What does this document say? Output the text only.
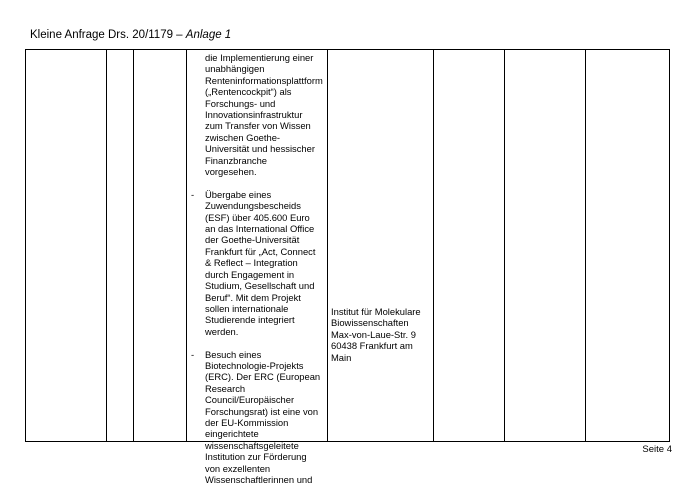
Kleine Anfrage Drs. 20/1179 – Anlage 1
die Implementierung einer unabhängigen Renteninformationsplattform („Rentencockpit“) als Forschungs- und Innovationsinfrastruktur zum Transfer von Wissen zwischen Goethe-Universität und hessischer Finanzbranche vorgesehen.
- Übergabe eines Zuwendungsbescheids (ESF) über 405.600 Euro an das International Office der Goethe-Universität Frankfurt für „Act, Connect & Reflect – Integration durch Engagement in Studium, Gesellschaft und Beruf“. Mit dem Projekt sollen internationale Studierende integriert werden.
- Besuch eines Biotechnologie-Projekts (ERC). Der ERC (European Research Council/Europäischer Forschungsrat) ist eine von der EU-Kommission eingerichtete wissenschaftsgeleitete Institution zur Förderung von exzellenten Wissenschaftlerinnen und
Institut für Molekulare
Biowissenschaften
Max-von-Laue-Str. 9
60438 Frankfurt am
Main
Seite 4
